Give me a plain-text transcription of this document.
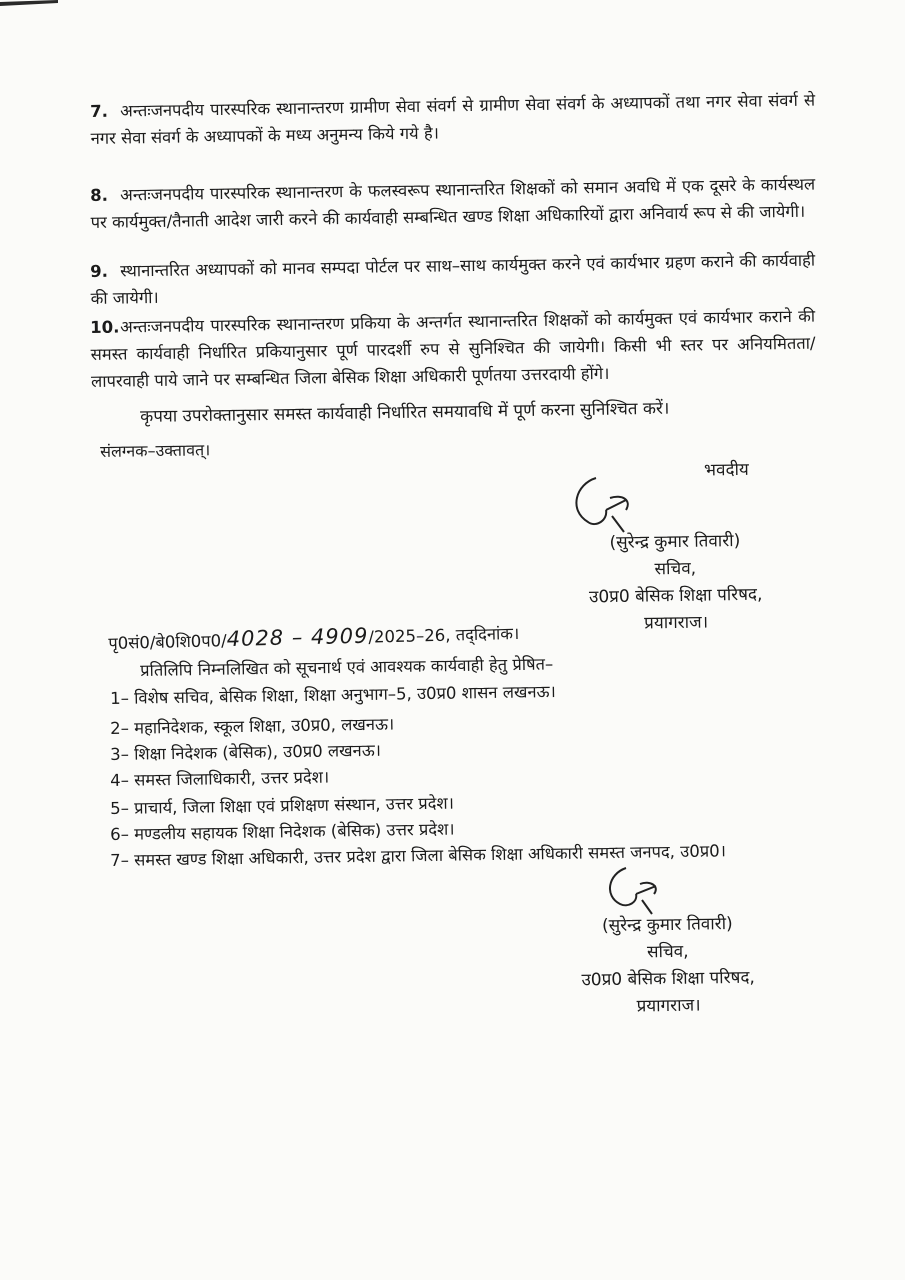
7. अन्तःजनपदीय पारस्परिक स्थानान्तरण ग्रामीण सेवा संवर्ग से ग्रामीण सेवा संवर्ग के अध्यापकों तथा नगर सेवा संवर्ग से नगर सेवा संवर्ग के अध्यापकों के मध्य अनुमन्य किये गये है।
8. अन्तःजनपदीय पारस्परिक स्थानान्तरण के फलस्वरूप स्थानान्तरित शिक्षकों को समान अवधि में एक दूसरे के कार्यस्थल पर कार्यमुक्त/तैनाती आदेश जारी करने की कार्यवाही सम्बन्धित खण्ड शिक्षा अधिकारियों द्वारा अनिवार्य रूप से की जायेगी।
9. स्थानान्तरित अध्यापकों को मानव सम्पदा पोर्टल पर साथ–साथ कार्यमुक्त करने एवं कार्यभार ग्रहण कराने की कार्यवाही की जायेगी।
10.अन्तःजनपदीय पारस्परिक स्थानान्तरण प्रकिया के अन्तर्गत स्थानान्तरित शिक्षकों को कार्यमुक्त एवं कार्यभार कराने की समस्त कार्यवाही निर्धारित प्रकियानुसार पूर्ण पारदर्शी रुप से सुनिश्चित की जायेगी। किसी भी स्तर पर अनियमितता/लापरवाही पाये जाने पर सम्बन्धित जिला बेसिक शिक्षा अधिकारी पूर्णतया उत्तरदायी होंगे।
कृपया उपरोक्तानुसार समस्त कार्यवाही निर्धारित समयावधि में पूर्ण करना सुनिश्चित करें।
संलग्नक–उक्तावत्।
भवदीय
(सुरेन्द्र कुमार तिवारी)
सचिव,
उ0प्र0 बेसिक शिक्षा परिषद,
प्रयागराज।
पृ0सं0/बे0शि0प0/4028 – 4909/2025–26, तद्‌दिनांक।
प्रतिलिपि निम्नलिखित को सूचनार्थ एवं आवश्यक कार्यवाही हेतु प्रेषित–
1– विशेष सचिव, बेसिक शिक्षा, शिक्षा अनुभाग–5, उ0प्र0 शासन लखनऊ।
2– महानिदेशक, स्कूल शिक्षा, उ0प्र0, लखनऊ।
3– शिक्षा निदेशक (बेसिक), उ0प्र0 लखनऊ।
4– समस्त जिलाधिकारी, उत्तर प्रदेश।
5– प्राचार्य, जिला शिक्षा एवं प्रशिक्षण संस्थान, उत्तर प्रदेश।
6– मण्डलीय सहायक शिक्षा निदेशक (बेसिक) उत्तर प्रदेश।
7– समस्त खण्ड शिक्षा अधिकारी, उत्तर प्रदेश द्वारा जिला बेसिक शिक्षा अधिकारी समस्त जनपद, उ0प्र0।
(सुरेन्द्र कुमार तिवारी)
सचिव,
उ0प्र0 बेसिक शिक्षा परिषद,
प्रयागराज।
